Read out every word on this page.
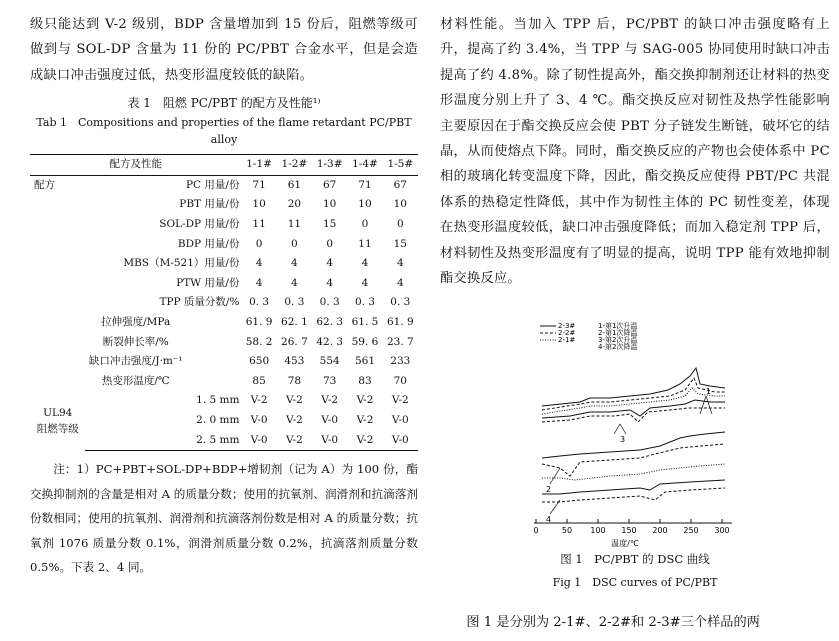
级只能达到 V-2 级别，BDP 含量增加到 15 份后，阻燃等级可做到与 SOL-DP 含量为 11 份的 PC/PBT 合金水平，但是会造成缺口冲击强度过低，热变形温度较低的缺陷。

表 1　阻燃 PC/PBT 的配方及性能¹⁾
Tab 1　Compositions and properties of the flame retardant PC/PBT alloy
配方及性能		1-1#	1-2#	1-3#	1-4#	1-5#
配方	PC 用量/份	71	61	67	71	67
	PBT 用量/份	10	20	10	10	10
	SOL-DP 用量/份	11	11	15	0	0
	BDP 用量/份	0	0	0	11	15
	MBS（M-521）用量/份	4	4	4	4	4
	PTW 用量/份	4	4	4	4	4
	TPP 质量分数/%	0. 3	0. 3	0. 3	0. 3	0. 3
拉伸强度/MPa		61. 9	62. 1	62. 3	61. 5	61. 9
断裂伸长率/%		58. 2	26. 7	42. 3	59. 6	23. 7
缺口冲击强度/J·m⁻¹		650	453	554	561	233
热变形温度/℃		85	78	73	83	70
UL94
阻燃等级	1. 5 mm	V-2	V-2	V-2	V-2	V-2
	2. 0 mm	V-0	V-2	V-0	V-2	V-0
	2. 5 mm	V-0	V-2	V-0	V-2	V-0
注：1）PC+PBT+SOL-DP+BDP+增韧剂（记为 A）为 100 份，酯交换抑制剂的含量是相对 A 的质量分数；使用的抗氧剂、润滑剂和抗滴落剂份数相同；使用的抗氧剂、润滑剂和抗滴落剂份数是相对 A 的质量分数；抗氧剂 1076 质量分数 0.1%，润滑剂质量分数 0.2%，抗滴落剂质量分数 0.5%。下表 2、4 同。

材料性能。当加入 TPP 后，PC/PBT 的缺口冲击强度略有上升，提高了约 3.4%，当 TPP 与 SAG-005 协同使用时缺口冲击提高了约 4.8%。除了韧性提高外，酯交换抑制剂还让材料的热变形温度分别上升了 3、4 ℃。酯交换反应对韧性及热学性能影响主要原因在于酯交换反应会使 PBT 分子链发生断链，破坏它的结晶，从而使熔点下降。同时，酯交换反应的产物也会使体系中 PC 相的玻璃化转变温度下降，因此，酯交换反应使得 PBT/PC 共混体系的热稳定性降低，其中作为韧性主体的 PC 韧性变差，体现在热变形温度较低，缺口冲击强度降低；而加入稳定剂 TPP 后，材料韧性及热变形温度有了明显的提高，说明 TPP 能有效地抑制酯交换反应。

2-3#
2-2#
2-1#
1-第1次升温
2-第1次降温
3-第2次升温
4-第2次降温
1
3
2
4
0	50 100 150 200 250 300
温度/℃
图 1　PC/PBT 的 DSC 曲线
Fig 1　DSC curves of PC/PBT
图 1 是分别为 2-1#、2-2#和 2-3#三个样品的两
